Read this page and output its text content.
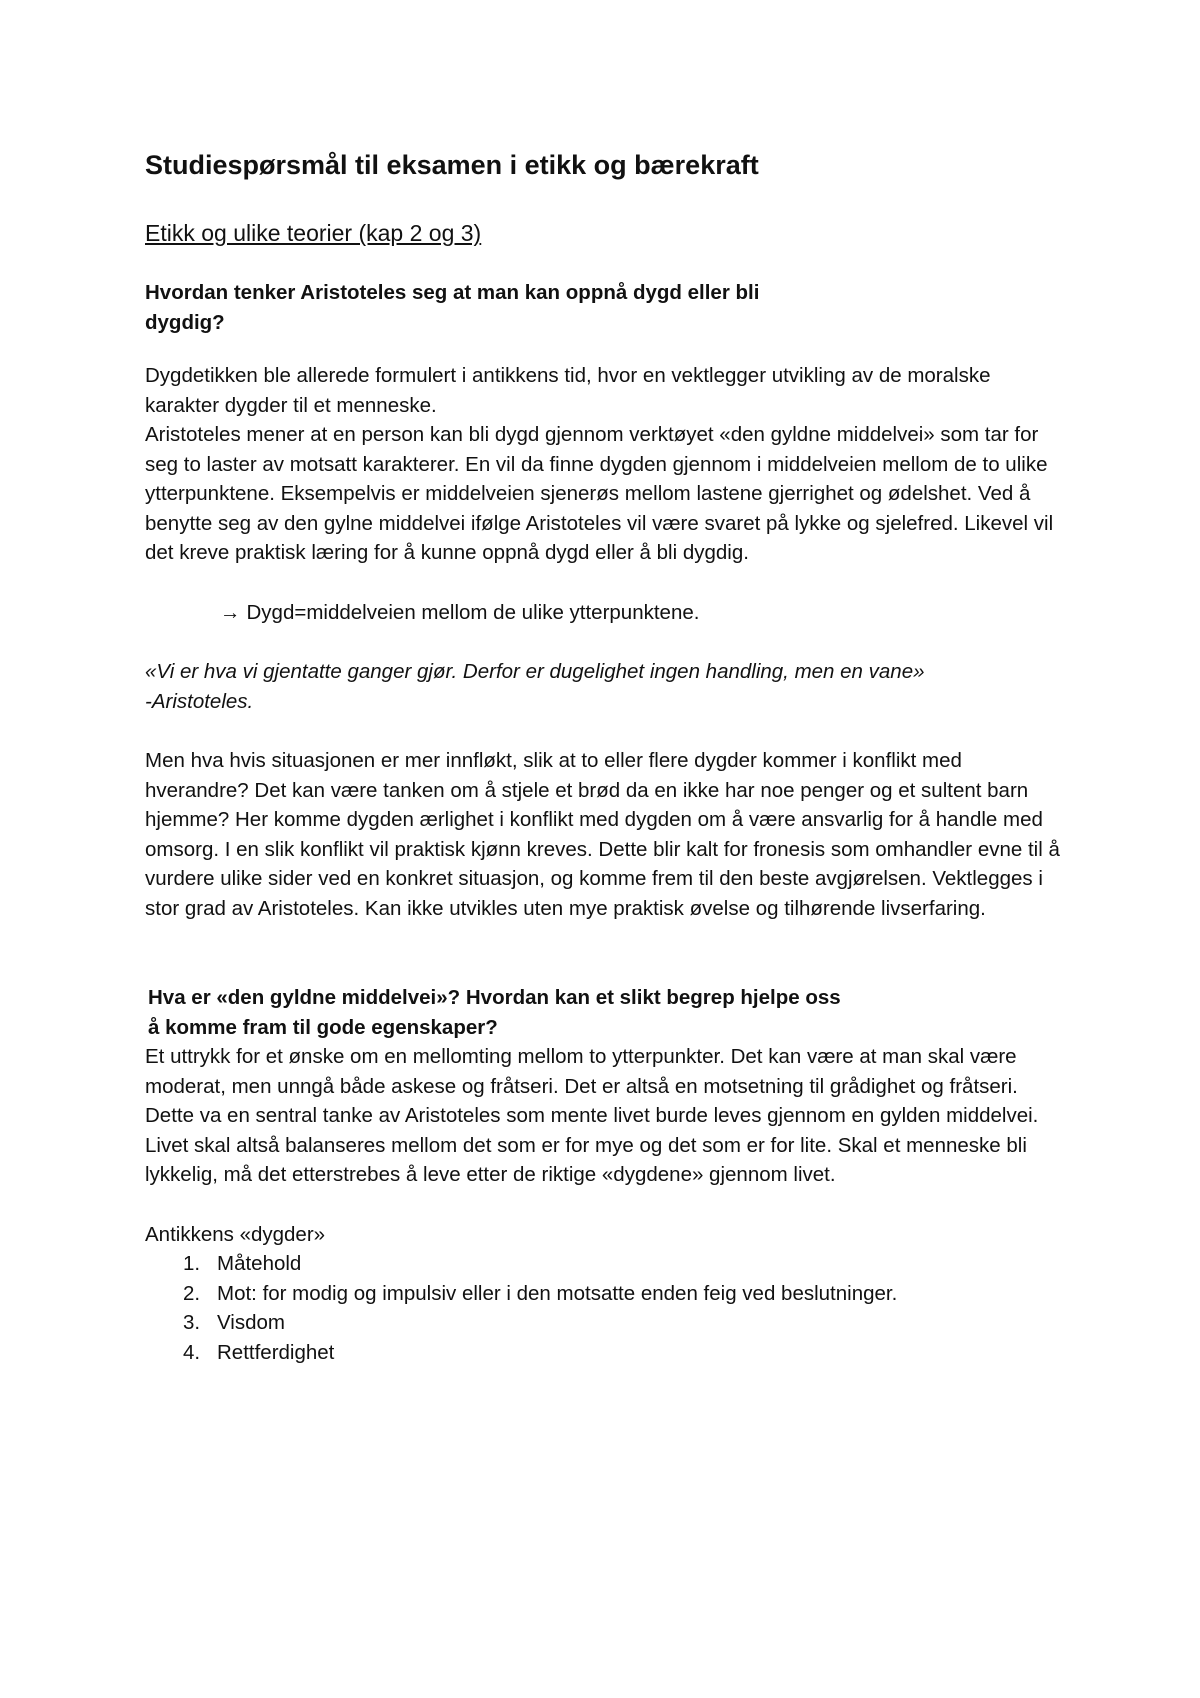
Studiespørsmål til eksamen i etikk og bærekraft
Etikk og ulike teorier (kap 2 og 3)

Hvordan tenker Aristoteles seg at man kan oppnå dygd eller bli dygdig?

Dygdetikken ble allerede formulert i antikkens tid, hvor en vektlegger utvikling av de moralske karakter dygder til et menneske.

Aristoteles mener at en person kan bli dygd gjennom verktøyet «den gyldne middelvei» som tar for seg to laster av motsatt karakterer. En vil da finne dygden gjennom i middelveien mellom de to ulike ytterpunktene. Eksempelvis er middelveien sjenerøs mellom lastene gjerrighet og ødelshet. Ved å benytte seg av den gylne middelvei ifølge Aristoteles vil være svaret på lykke og sjelefred. Likevel vil det kreve praktisk læring for å kunne oppnå dygd eller å bli dygdig.

→ Dygd=middelveien mellom de ulike ytterpunktene.

«Vi er hva vi gjentatte ganger gjør. Derfor er dugelighet ingen handling, men en vane»

-Aristoteles.

Men hva hvis situasjonen er mer innfløkt, slik at to eller flere dygder kommer i konflikt med hverandre? Det kan være tanken om å stjele et brød da en ikke har noe penger og et sultent barn hjemme? Her komme dygden ærlighet i konflikt med dygden om å være ansvarlig for å handle med omsorg. I en slik konflikt vil praktisk kjønn kreves. Dette blir kalt for fronesis som omhandler evne til å vurdere ulike sider ved en konkret situasjon, og komme frem til den beste avgjørelsen. Vektlegges i stor grad av Aristoteles. Kan ikke utvikles uten mye praktisk øvelse og tilhørende livserfaring.

Hva er «den gyldne middelvei»? Hvordan kan et slikt begrep hjelpe oss å komme fram til gode egenskaper?

Et uttrykk for et ønske om en mellomting mellom to ytterpunkter. Det kan være at man skal være moderat, men unngå både askese og fråtseri. Det er altså en motsetning til grådighet og fråtseri. Dette va en sentral tanke av Aristoteles som mente livet burde leves gjennom en gylden middelvei. Livet skal altså balanseres mellom det som er for mye og det som er for lite. Skal et menneske bli lykkelig, må det etterstrebes å leve etter de riktige «dygdene» gjennom livet.

Antikkens «dygder»

1. Måtehold
2. Mot: for modig og impulsiv eller i den motsatte enden feig ved beslutninger.
3. Visdom
4. Rettferdighet
